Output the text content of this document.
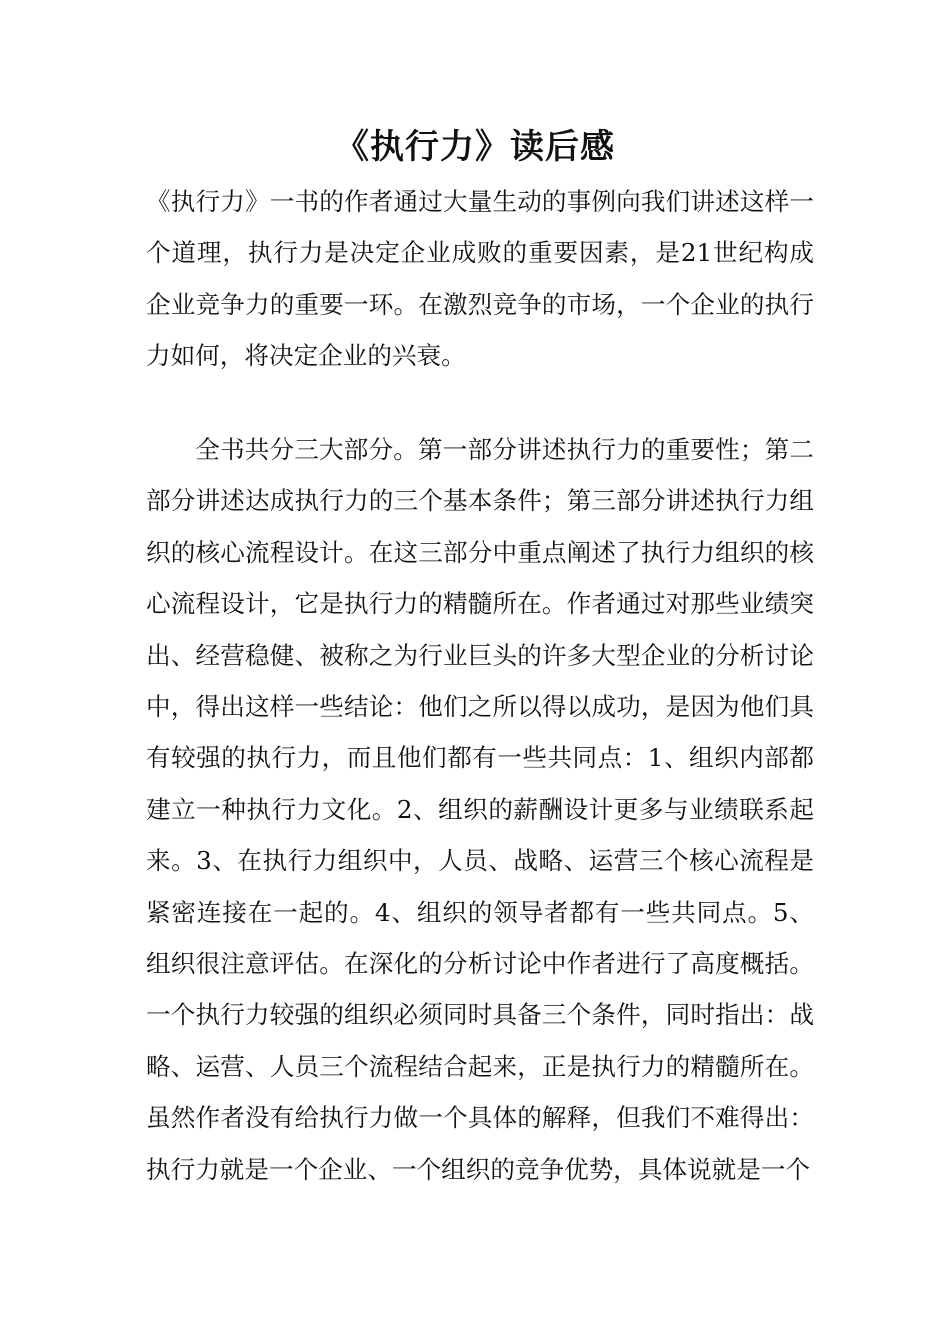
《执行力》读后感

《执行力》一书的作者通过大量生动的事例向我们讲述这样一个道理，执行力是决定企业成败的重要因素，是21世纪构成企业竞争力的重要一环。在激烈竞争的市场，一个企业的执行力如何，将决定企业的兴衰。

全书共分三大部分。第一部分讲述执行力的重要性；第二部分讲述达成执行力的三个基本条件；第三部分讲述执行力组织的核心流程设计。在这三部分中重点阐述了执行力组织的核心流程设计，它是执行力的精髓所在。作者通过对那些业绩突出、经营稳健、被称之为行业巨头的许多大型企业的分析讨论中，得出这样一些结论：他们之所以得以成功，是因为他们具有较强的执行力，而且他们都有一些共同点：1、组织内部都建立一种执行力文化。2、组织的薪酬设计更多与业绩联系起来。3、在执行力组织中，人员、战略、运营三个核心流程是紧密连接在一起的。4、组织的领导者都有一些共同点。5、组织很注意评估。在深化的分析讨论中作者进行了高度概括。一个执行力较强的组织必须同时具备三个条件，同时指出：战略、运营、人员三个流程结合起来，正是执行力的精髓所在。虽然作者没有给执行力做一个具体的解释，但我们不难得出：执行力就是一个企业、一个组织的竞争优势，具体说就是一个
